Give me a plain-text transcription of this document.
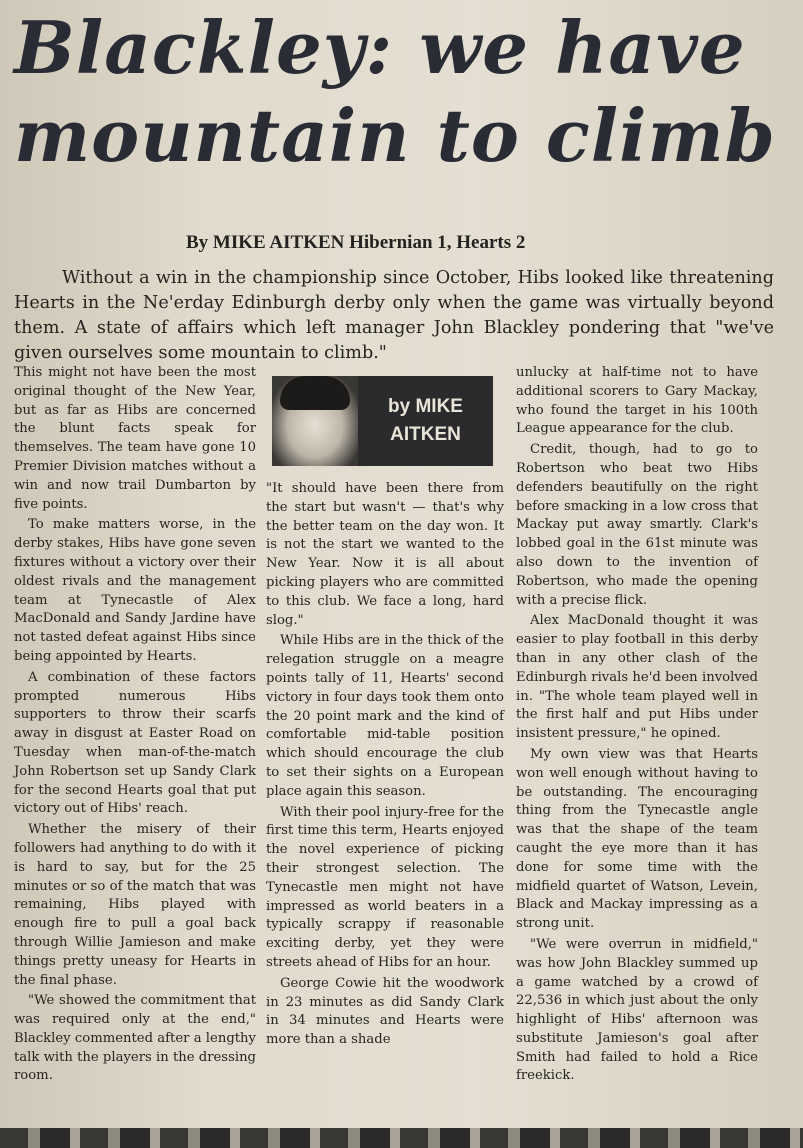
Blackley: we have
mountain to climb
By MIKE AITKEN Hibernian 1, Hearts 2
Without a win in the championship since October, Hibs looked like threatening Hearts in the Ne'erday Edinburgh derby only when the game was virtually beyond them. A state of affairs which left manager John Blackley pondering that "we've given ourselves some mountain to climb."

This might not have been the most original thought of the New Year, but as far as Hibs are concerned the blunt facts speak for themselves. The team have gone 10 Premier Division matches without a win and now trail Dumbarton by five points.

To make matters worse, in the derby stakes, Hibs have gone seven fixtures without a victory over their oldest rivals and the management team at Tynecastle of Alex MacDonald and Sandy Jardine have not tasted defeat against Hibs since being appointed by Hearts.

A combination of these factors prompted numerous Hibs supporters to throw their scarfs away in disgust at Easter Road on Tuesday when man-of-the-match John Robertson set up Sandy Clark for the second Hearts goal that put victory out of Hibs' reach.

Whether the misery of their followers had anything to do with it is hard to say, but for the 25 minutes or so of the match that was remaining, Hibs played with enough fire to pull a goal back through Willie Jamieson and make things pretty uneasy for Hearts in the final phase.

"We showed the commitment that was required only at the end," Blackley commented after a lengthy talk with the players in the dressing room.

by MIKE
AITKEN

"It should have been there from the start but wasn't — that's why the better team on the day won. It is not the start we wanted to the New Year. Now it is all about picking players who are committed to this club. We face a long, hard slog."

While Hibs are in the thick of the relegation struggle on a meagre points tally of 11, Hearts' second victory in four days took them onto the 20 point mark and the kind of comfortable mid-table position which should encourage the club to set their sights on a European place again this season.

With their pool injury-free for the first time this term, Hearts enjoyed the novel experience of picking their strongest selection. The Tynecastle men might not have impressed as world beaters in a typically scrappy if reasonable exciting derby, yet they were streets ahead of Hibs for an hour.

George Cowie hit the woodwork in 23 minutes as did Sandy Clark in 34 minutes and Hearts were more than a shade

unlucky at half-time not to have additional scorers to Gary Mackay, who found the target in his 100th League appearance for the club.

Credit, though, had to go to Robertson who beat two Hibs defenders beautifully on the right before smacking in a low cross that Mackay put away smartly. Clark's lobbed goal in the 61st minute was also down to the invention of Robertson, who made the opening with a precise flick.

Alex MacDonald thought it was easier to play football in this derby than in any other clash of the Edinburgh rivals he'd been involved in. "The whole team played well in the first half and put Hibs under insistent pressure," he opined.

My own view was that Hearts won well enough without having to be outstanding. The encouraging thing from the Tynecastle angle was that the shape of the team caught the eye more than it has done for some time with the midfield quartet of Watson, Levein, Black and Mackay impressing as a strong unit.

"We were overrun in midfield," was how John Blackley summed up a game watched by a crowd of 22,536 in which just about the only highlight of Hibs' afternoon was substitute Jamieson's goal after Smith had failed to hold a Rice freekick.
